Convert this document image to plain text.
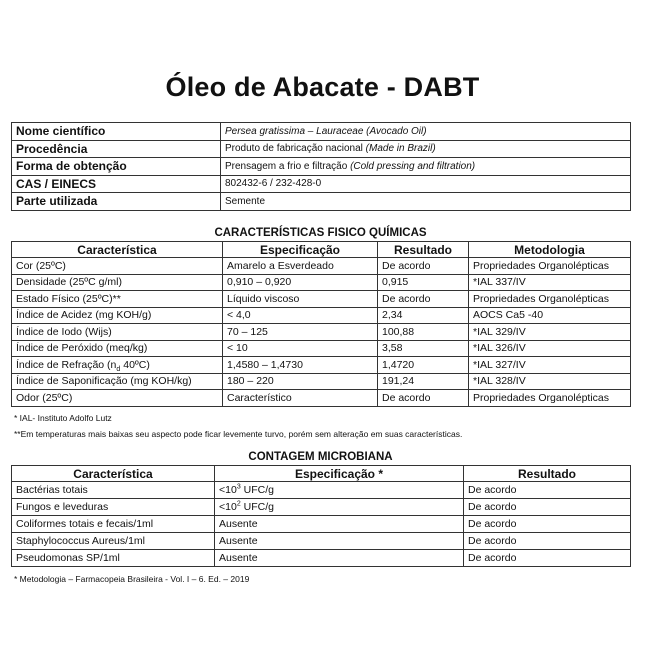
Óleo de Abacate - DABT
Nome científico	Persea gratissima – Lauraceae (Avocado Oil)
Procedência	Produto de fabricação nacional (Made in Brazil)
Forma de obtenção	Prensagem a frio e filtração (Cold pressing and filtration)
CAS / EINECS	802432-6 / 232-428-0
Parte utilizada	Semente
CARACTERÍSTICAS FISICO QUÍMICAS
Característica	Especificação	Resultado	Metodologia
Cor (25ºC)	Amarelo a Esverdeado	De acordo	Propriedades Organolépticas
Densidade (25ºC g/ml)	0,910 – 0,920	0,915	*IAL 337/IV
Estado Físico (25ºC)**	Líquido viscoso	De acordo	Propriedades Organolépticas
Índice de Acidez (mg KOH/g)	< 4,0	2,34	AOCS Ca5 -40
Índice de Iodo (Wijs)	70 – 125	100,88	*IAL 329/IV
Índice de Peróxido (meq/kg)	< 10	3,58	*IAL 326/IV
Índice de Refração ($n_d$ 40ºC)	1,4580 – 1,4730	1,4720	*IAL 327/IV
Índice de Saponificação (mg KOH/kg)	180 – 220	191,24	*IAL 328/IV
Odor (25ºC)	Característico	De acordo	Propriedades Organolépticas
* IAL- Instituto Adolfo Lutz
**Em temperaturas mais baixas seu aspecto pode ficar levemente turvo, porém sem alteração em suas características.
CONTAGEM MICROBIANA
Característica	Especificação *	Resultado
Bactérias totais	$<10^3$ UFC/g	De acordo
Fungos e leveduras	$<10^2$ UFC/g	De acordo
Coliformes totais e fecais/1ml	Ausente	De acordo
Staphylococcus Aureus/1ml	Ausente	De acordo
Pseudomonas SP/1ml	Ausente	De acordo
* Metodologia – Farmacopeia Brasileira - Vol. I – 6. Ed. – 2019
